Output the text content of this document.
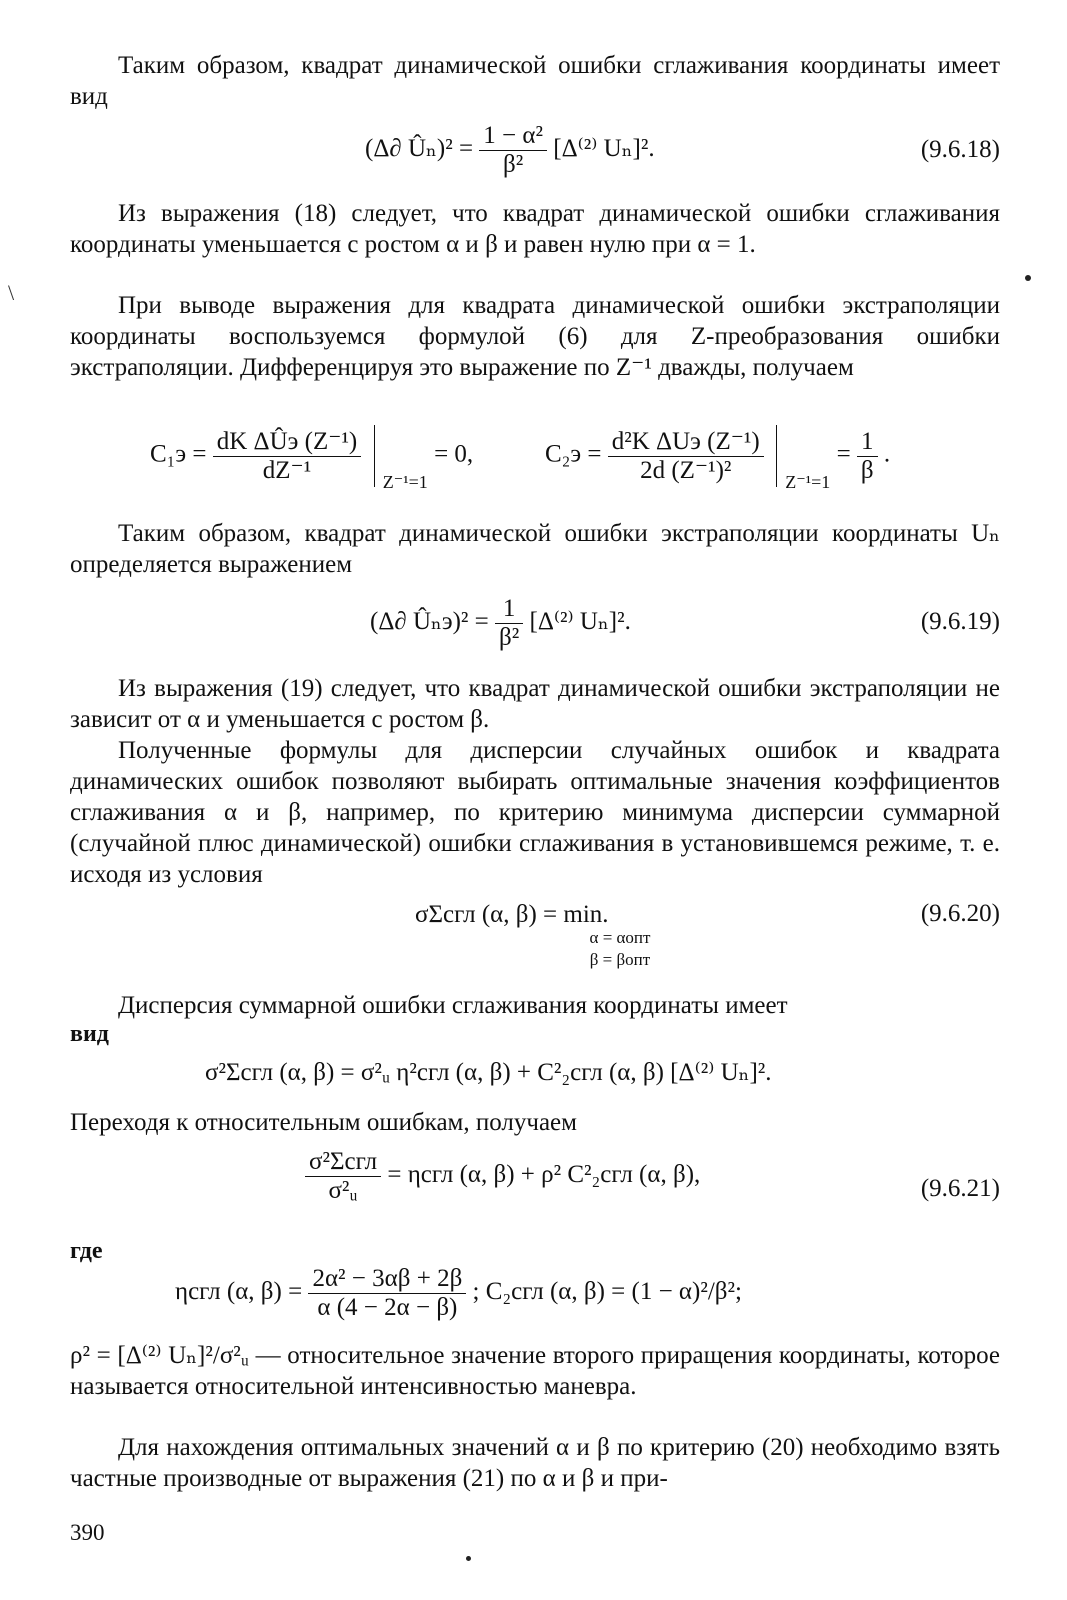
Таким образом, квадрат динамической ошибки сглаживания координаты имеет вид
(Δ∂ Ûₙ)² = $\frac{\text{1 − α²}}{\text{β²}} [\Delta^{(2)}$ Uₙ]².	(9.6.18)
Из выражения (18) следует, что квадрат динамической ошибки сглаживания координаты уменьшается с ростом α и β и равен нулю при α = 1.
При выводе выражения для квадрата динамической ошибки экстраполяции координаты воспользуемся формулой (6) для Z-преобразования ошибки экстраполяции. Дифференцируя это выражение по Z⁻¹ дважды, получаем
$C_1э = \frac{\text{dK ΔÛэ (Z⁻¹)}}{\text{dZ⁻¹}} Z^{-1}=1 = 0$,	$C_2э = \frac{\text{d²K ΔUэ (Z⁻¹)}}{\text{2d (Z⁻¹)²}} Z^{-1}=1 = \frac{1}{\beta}$ .
Таким образом, квадрат динамической ошибки экстраполяции координаты Uₙ определяется выражением
(Δ∂ Ûₙэ)² = $\frac{1}{\text{β²}} [\Delta^{(2)}$ Uₙ]².	(9.6.19)
Из выражения (19) следует, что квадрат динамической ошибки экстраполяции не зависит от α и уменьшается с ростом β.
Полученные формулы для дисперсии случайных ошибок и квадрата динамических ошибок позволяют выбирать оптимальные значения коэффициентов сглаживания α и β, например, по критерию минимума дисперсии суммарной (случайной плюс динамической) ошибки сглаживания в установившемся режиме, т. е. исходя из условия
σΣсгл (α, β) = min.
α = αопт
β = βопт
(9.6.20)
Дисперсия суммарной ошибки сглаживания координаты имеет
вид
σ²Σсгл (α, β) = σ²ᵤ η²сгл (α, β) + C²₂сгл (α, β) [Δ⁽²⁾ Uₙ]².
Переходя к относительным ошибкам, получаем
$\frac{\text{σ²Σсгл}}{\text{σ²ᵤ}} = \eta сгл$ (α, β) + ρ² C²₂сгл (α, β),
(9.6.21)
где
ηсгл (α, $\beta) = \frac{\text{2α² − 3αβ + 2β}}{\alpha (4 - 2\alpha - \beta)}$ ; C₂сгл (α, β) = (1 − α)²/β²;
ρ² = [Δ⁽²⁾ Uₙ]²/σ²ᵤ — относительное значение второго приращения координаты, которое называется относительной интенсивностью маневра.
Для нахождения оптимальных значений α и β по критерию (20) необходимо взять частные производные от выражения (21) по α и β и при-
390
\
